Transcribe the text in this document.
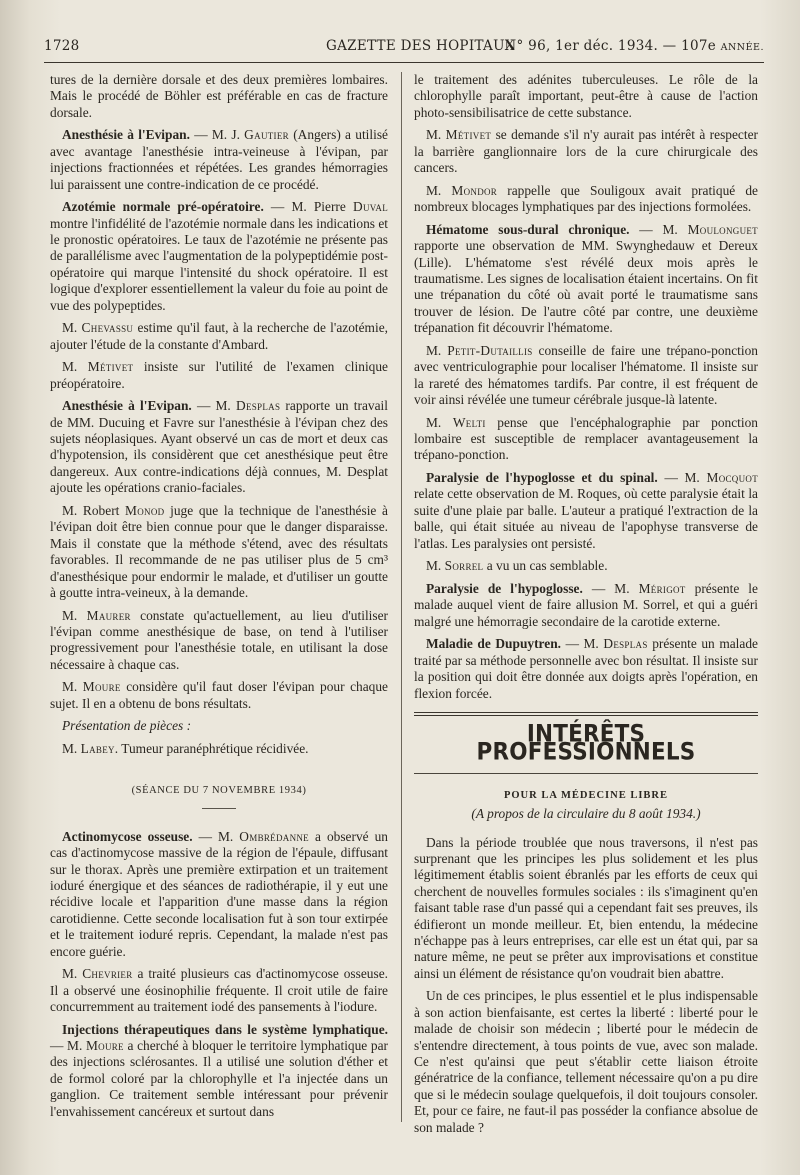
1728	GAZETTE DES HOPITAUX
N° 96, 1er déc. 1934. — 107e ANNÉE.
tures de la dernière dorsale et des deux premières lombaires. Mais le procédé de Böhler est préférable en cas de fracture dorsale.
Anesthésie à l'Evipan. — M. J. Gautier (Angers) a utilisé avec avantage l'anesthésie intra-veineuse à l'évipan, par injections fractionnées et répétées. Les grandes hémorragies lui paraissent une contre-indication de ce procédé.
Azotémie normale pré-opératoire. — M. Pierre Duval montre l'infidélité de l'azotémie normale dans les indications et le pronostic opératoires. Le taux de l'azotémie ne présente pas de parallélisme avec l'augmentation de la polypeptidémie post-opératoire qui marque l'intensité du shock opératoire. Il est logique d'explorer essentiellement la valeur du foie au point de vue des polypeptides.
M. Chevassu estime qu'il faut, à la recherche de l'azotémie, ajouter l'étude de la constante d'Ambard.
M. Métivet insiste sur l'utilité de l'examen clinique préopératoire.
Anesthésie à l'Evipan. — M. Desplas rapporte un travail de MM. Ducuing et Favre sur l'anesthésie à l'évipan chez des sujets néoplasiques. Ayant observé un cas de mort et deux cas d'hypotension, ils considèrent que cet anesthésique peut être dangereux. Aux contre-indications déjà connues, M. Desplat ajoute les opérations cranio-faciales.
M. Robert Monod juge que la technique de l'anesthésie à l'évipan doit être bien connue pour que le danger disparaisse. Mais il constate que la méthode s'étend, avec des résultats favorables. Il recommande de ne pas utiliser plus de 5 cm³ d'anesthésique pour endormir le malade, et d'utiliser un goutte à goutte intra-veineux, à la demande.
M. Maurer constate qu'actuellement, au lieu d'utiliser l'évipan comme anesthésique de base, on tend à l'utiliser progressivement pour l'anesthésie totale, en utilisant la dose nécessaire à chaque cas.
M. Moure considère qu'il faut doser l'évipan pour chaque sujet. Il en a obtenu de bons résultats.
Présentation de pièces :
M. Labey. Tumeur paranéphrétique récidivée.
(SÉANCE DU 7 NOVEMBRE 1934)
Actinomycose osseuse. — M. Ombrédanne a observé un cas d'actinomycose massive de la région de l'épaule, diffusant sur le thorax. Après une première extirpation et un traitement ioduré énergique et des séances de radiothérapie, il y eut une récidive locale et l'apparition d'une masse dans la région carotidienne. Cette seconde localisation fut à son tour extirpée et le traitement ioduré repris. Cependant, la malade n'est pas encore guérie.
M. Chevrier a traité plusieurs cas d'actinomycose osseuse. Il a observé une éosinophilie fréquente. Il croit utile de faire concurremment au traitement iodé des pansements à l'iodure.
Injections thérapeutiques dans le système lymphatique. — M. Moure a cherché à bloquer le territoire lymphatique par des injections sclérosantes. Il a utilisé une solution d'éther et de formol coloré par la chlorophylle et l'a injectée dans un ganglion. Ce traitement semble intéressant pour prévenir l'envahissement cancéreux et surtout dans
le traitement des adénites tuberculeuses. Le rôle de la chlorophylle paraît important, peut-être à cause de l'action photo-sensibilisatrice de cette substance.
M. Métivet se demande s'il n'y aurait pas intérêt à respecter la barrière ganglionnaire lors de la cure chirurgicale des cancers.
M. Mondor rappelle que Souligoux avait pratiqué de nombreux blocages lymphatiques par des injections formolées.
Hématome sous-dural chronique. — M. Moulonguet rapporte une observation de MM. Swynghedauw et Dereux (Lille). L'hématome s'est révélé deux mois après le traumatisme. Les signes de localisation étaient incertains. On fit une trépanation du côté où avait porté le traumatisme sans trouver de lésion. De l'autre côté par contre, une deuxième trépanation fit découvrir l'hématome.
M. Petit-Dutaillis conseille de faire une trépano-ponction avec ventriculographie pour localiser l'hématome. Il insiste sur la rareté des hématomes tardifs. Par contre, il est fréquent de voir ainsi révélée une tumeur cérébrale jusque-là latente.
M. Welti pense que l'encéphalographie par ponction lombaire est susceptible de remplacer avantageusement la trépano-ponction.
Paralysie de l'hypoglosse et du spinal. — M. Mocquot relate cette observation de M. Roques, où cette paralysie était la suite d'une plaie par balle. L'auteur a pratiqué l'extraction de la balle, qui était située au niveau de l'apophyse transverse de l'atlas. Les paralysies ont persisté.
M. Sorrel a vu un cas semblable.
Paralysie de l'hypoglosse. — M. Mérigot présente le malade auquel vient de faire allusion M. Sorrel, et qui a guéri malgré une hémorragie secondaire de la carotide externe.
Maladie de Dupuytren. — M. Desplas présente un malade traité par sa méthode personnelle avec bon résultat. Il insiste sur la position qui doit être donnée aux doigts après l'opération, en flexion forcée.
INTÉRÊTS PROFESSIONNELS
POUR LA MÉDECINE LIBRE
(A propos de la circulaire du 8 août 1934.)
Dans la période troublée que nous traversons, il n'est pas surprenant que les principes les plus solidement et les plus légitimement établis soient ébranlés par les efforts de ceux qui cherchent de nouvelles formules sociales : ils s'imaginent qu'en faisant table rase d'un passé qui a cependant fait ses preuves, ils édifieront un monde meilleur. Et, bien entendu, la médecine n'échappe pas à leurs entreprises, car elle est un état qui, par sa nature même, ne peut se prêter aux improvisations et constitue ainsi un élément de résistance qu'on voudrait bien abattre.
Un de ces principes, le plus essentiel et le plus indispensable à son action bienfaisante, est certes la liberté : liberté pour le malade de choisir son médecin ; liberté pour le médecin de s'entendre directement, à tous points de vue, avec son malade. Ce n'est qu'ainsi que peut s'établir cette liaison étroite génératrice de la confiance, tellement nécessaire qu'on a pu dire que si le médecin soulage quelquefois, il doit toujours consoler. Et, pour ce faire, ne faut-il pas posséder la confiance absolue de son malade ?
